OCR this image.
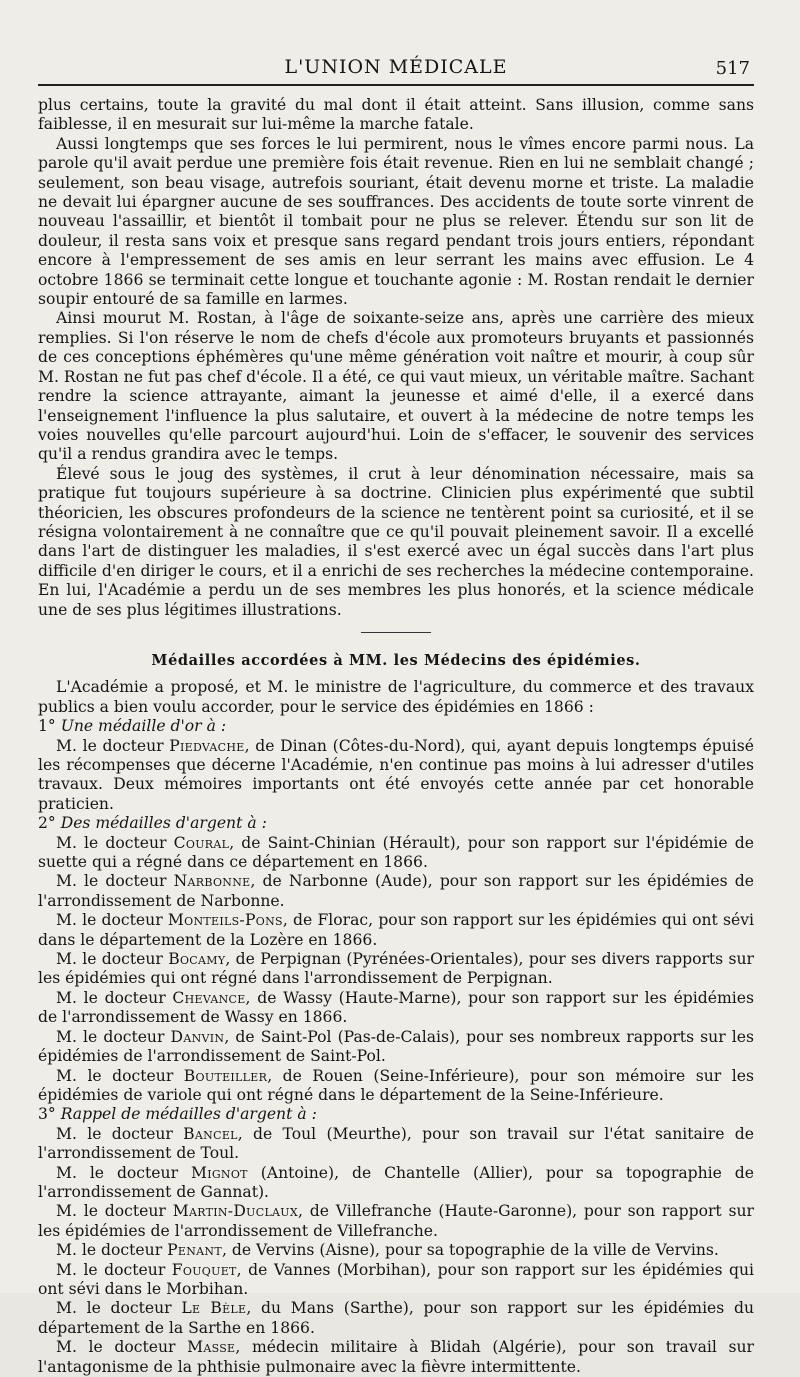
L'UNION MÉDICALE	517

plus certains, toute la gravité du mal dont il était atteint. Sans illusion, comme sans faiblesse, il en mesurait sur lui-même la marche fatale.

Aussi longtemps que ses forces le lui permirent, nous le vîmes encore parmi nous. La parole qu'il avait perdue une première fois était revenue. Rien en lui ne semblait changé ; seulement, son beau visage, autrefois souriant, était devenu morne et triste. La maladie ne devait lui épargner aucune de ses souffrances. Des accidents de toute sorte vinrent de nouveau l'assaillir, et bientôt il tombait pour ne plus se relever. Étendu sur son lit de douleur, il resta sans voix et presque sans regard pendant trois jours entiers, répondant encore à l'empressement de ses amis en leur serrant les mains avec effusion. Le 4 octobre 1866 se terminait cette longue et touchante agonie : M. Rostan rendait le dernier soupir entouré de sa famille en larmes.

Ainsi mourut M. Rostan, à l'âge de soixante-seize ans, après une carrière des mieux remplies. Si l'on réserve le nom de chefs d'école aux promoteurs bruyants et passionnés de ces conceptions éphémères qu'une même génération voit naître et mourir, à coup sûr M. Rostan ne fut pas chef d'école. Il a été, ce qui vaut mieux, un véritable maître. Sachant rendre la science attrayante, aimant la jeunesse et aimé d'elle, il a exercé dans l'enseignement l'influence la plus salutaire, et ouvert à la médecine de notre temps les voies nouvelles qu'elle parcourt aujourd'hui. Loin de s'effacer, le souvenir des services qu'il a rendus grandira avec le temps.

Élevé sous le joug des systèmes, il crut à leur dénomination nécessaire, mais sa pratique fut toujours supérieure à sa doctrine. Clinicien plus expérimenté que subtil théoricien, les obscures profondeurs de la science ne tentèrent point sa curiosité, et il se résigna volontairement à ne connaître que ce qu'il pouvait pleinement savoir. Il a excellé dans l'art de distinguer les maladies, il s'est exercé avec un égal succès dans l'art plus difficile d'en diriger le cours, et il a enrichi de ses recherches la médecine contemporaine. En lui, l'Académie a perdu un de ses membres les plus honorés, et la science médicale une de ses plus légitimes illustrations.

Médailles accordées à MM. les Médecins des épidémies.

L'Académie a proposé, et M. le ministre de l'agriculture, du commerce et des travaux publics a bien voulu accorder, pour le service des épidémies en 1866 :

1° Une médaille d'or à :

M. le docteur Piedvache, de Dinan (Côtes-du-Nord), qui, ayant depuis longtemps épuisé les récompenses que décerne l'Académie, n'en continue pas moins à lui adresser d'utiles travaux. Deux mémoires importants ont été envoyés cette année par cet honorable praticien.

2° Des médailles d'argent à :

M. le docteur Coural, de Saint-Chinian (Hérault), pour son rapport sur l'épidémie de suette qui a régné dans ce département en 1866.

M. le docteur Narbonne, de Narbonne (Aude), pour son rapport sur les épidémies de l'arrondissement de Narbonne.

M. le docteur Monteils-Pons, de Florac, pour son rapport sur les épidémies qui ont sévi dans le département de la Lozère en 1866.

M. le docteur Bocamy, de Perpignan (Pyrénées-Orientales), pour ses divers rapports sur les épidémies qui ont régné dans l'arrondissement de Perpignan.

M. le docteur Chevance, de Wassy (Haute-Marne), pour son rapport sur les épidémies de l'arrondissement de Wassy en 1866.

M. le docteur Danvin, de Saint-Pol (Pas-de-Calais), pour ses nombreux rapports sur les épidémies de l'arrondissement de Saint-Pol.

M. le docteur Bouteiller, de Rouen (Seine-Inférieure), pour son mémoire sur les épidémies de variole qui ont régné dans le département de la Seine-Inférieure.

3° Rappel de médailles d'argent à :

M. le docteur Bancel, de Toul (Meurthe), pour son travail sur l'état sanitaire de l'arrondissement de Toul.

M. le docteur Mignot (Antoine), de Chantelle (Allier), pour sa topographie de l'arrondissement de Gannat).

M. le docteur Martin-Duclaux, de Villefranche (Haute-Garonne), pour son rapport sur les épidémies de l'arrondissement de Villefranche.

M. le docteur Penant, de Vervins (Aisne), pour sa topographie de la ville de Vervins.

M. le docteur Fouquet, de Vannes (Morbihan), pour son rapport sur les épidémies qui ont sévi dans le Morbihan.

M. le docteur Le Bèle, du Mans (Sarthe), pour son rapport sur les épidémies du département de la Sarthe en 1866.

M. le docteur Masse, médecin militaire à Blidah (Algérie), pour son travail sur l'antagonisme de la phthisie pulmonaire avec la fièvre intermittente.
